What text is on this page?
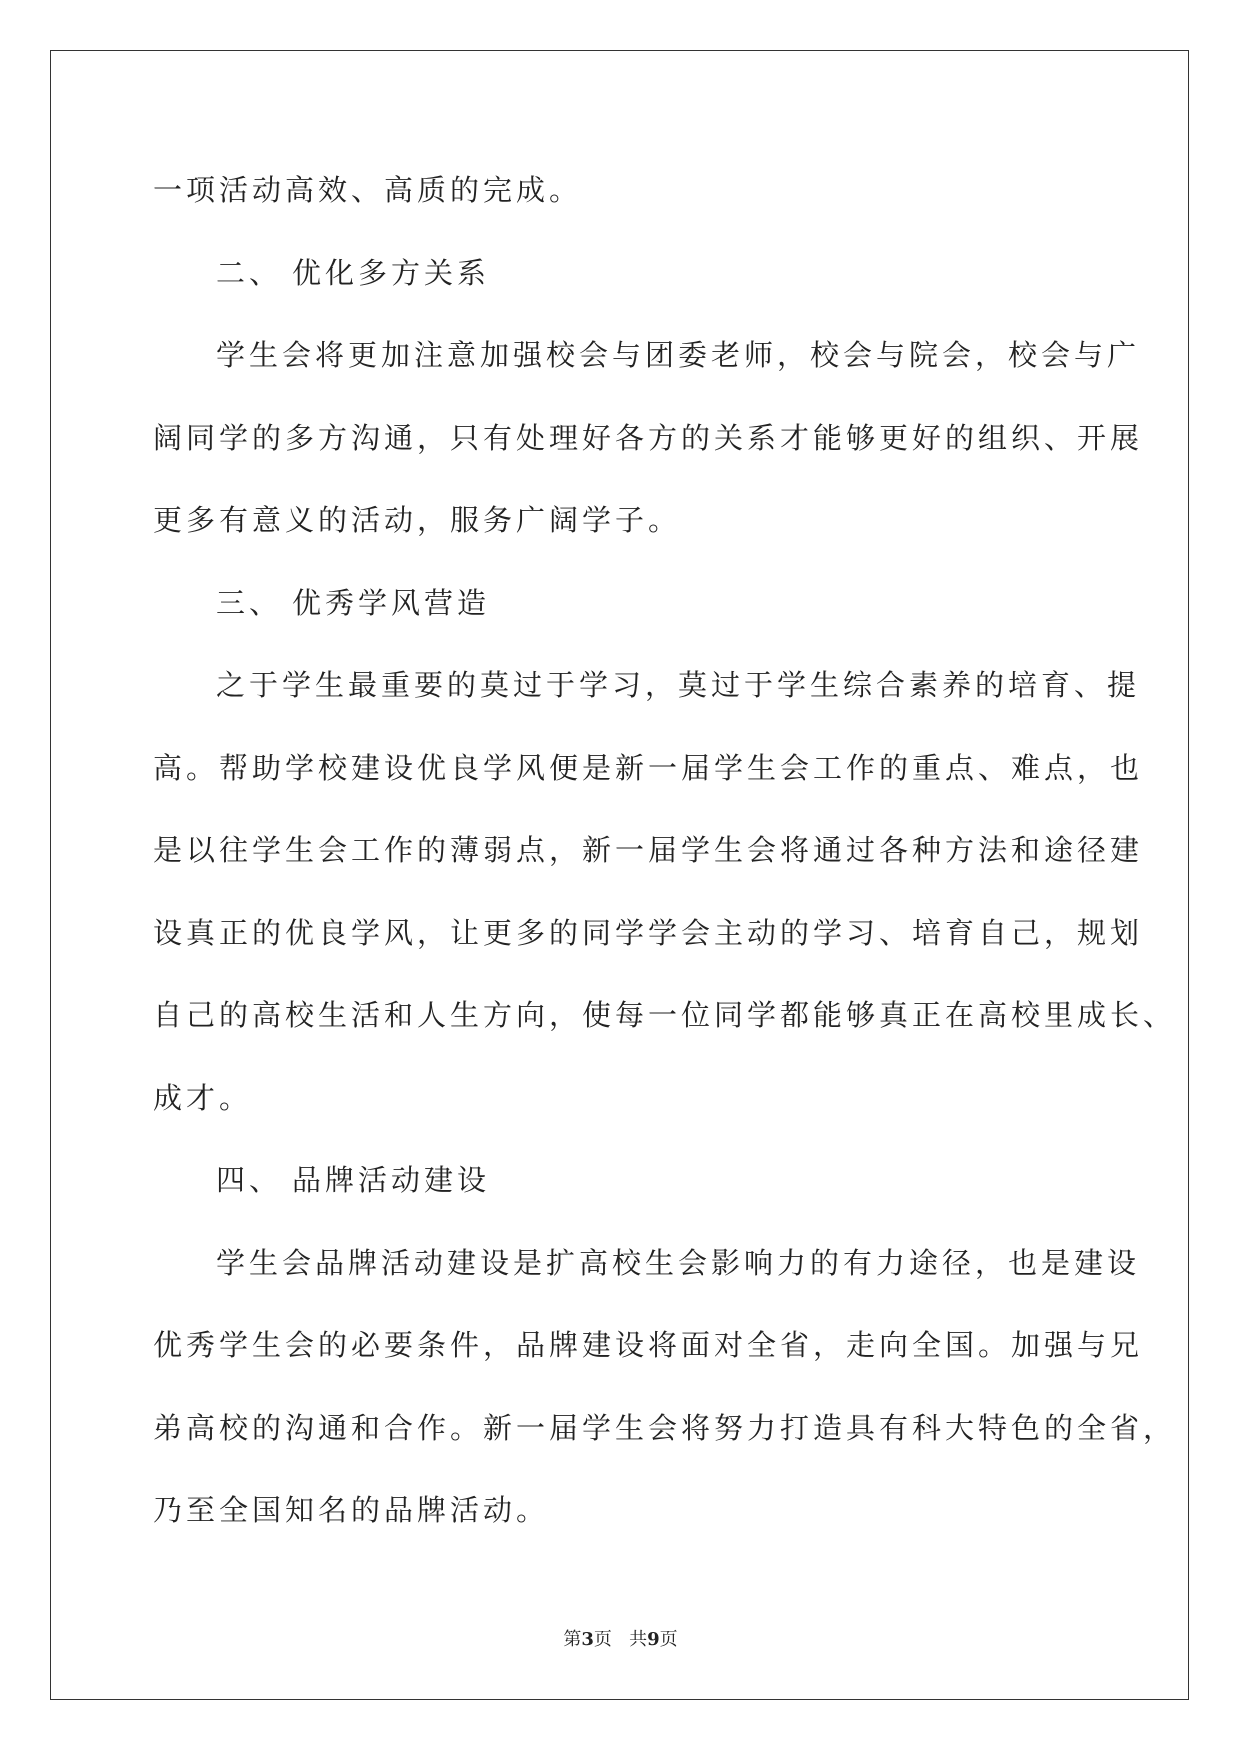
一项活动高效、高质的完成。
二、 优化多方关系
学生会将更加注意加强校会与团委老师，校会与院会，校会与广
阔同学的多方沟通，只有处理好各方的关系才能够更好的组织、开展
更多有意义的活动，服务广阔学子。
三、 优秀学风营造
之于学生最重要的莫过于学习，莫过于学生综合素养的培育、提
高。帮助学校建设优良学风便是新一届学生会工作的重点、难点，也
是以往学生会工作的薄弱点，新一届学生会将通过各种方法和途径建
设真正的优良学风，让更多的同学学会主动的学习、培育自己，规划
自己的高校生活和人生方向，使每一位同学都能够真正在高校里成长、
成才。
四、 品牌活动建设
学生会品牌活动建设是扩高校生会影响力的有力途径，也是建设
优秀学生会的必要条件，品牌建设将面对全省，走向全国。加强与兄
弟高校的沟通和合作。新一届学生会将努力打造具有科大特色的全省，
乃至全国知名的品牌活动。
第3页 共9页
